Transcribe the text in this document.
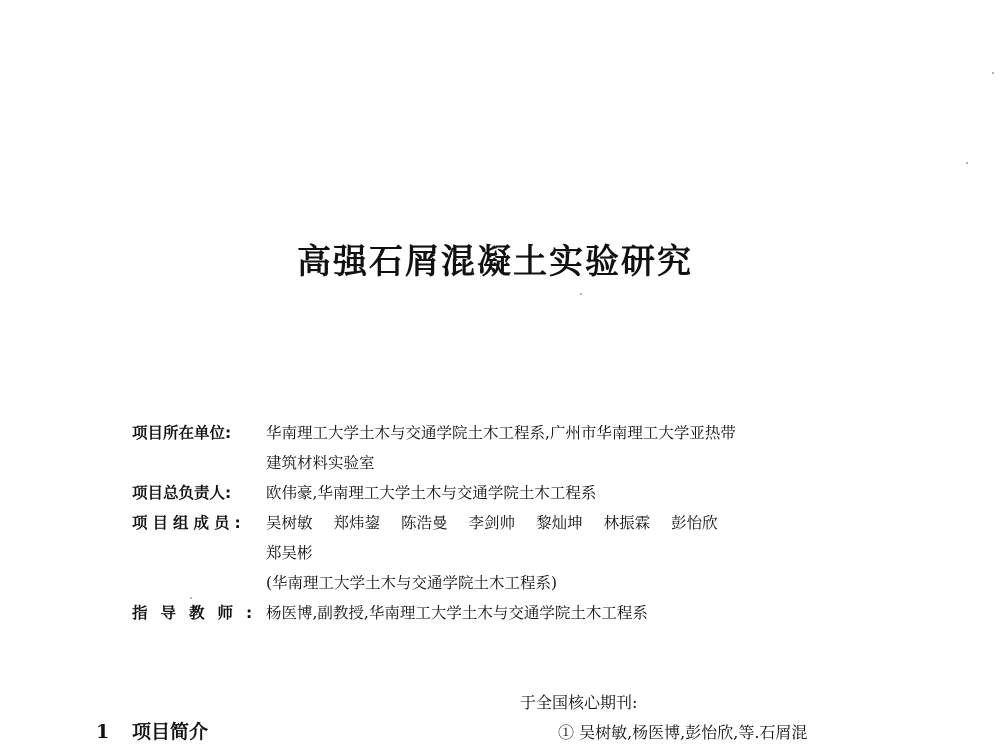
高强石屑混凝土实验研究
项目所在单位:	华南理工大学土木与交通学院土木工程系,广州市华南理工大学亚热带
建筑材料实验室
项目总负责人:	欧伟豪,华南理工大学土木与交通学院土木工程系
项目组成员:	吴树敏 郑炜鋆 陈浩曼 李剑帅 黎灿坤 林振霖 彭怡欣
郑吴彬
(华南理工大学土木与交通学院土木工程系)
指导教师: 杨医博,副教授,华南理工大学土木与交通学院土木工程系
于全国核心期刊:
① 吴树敏,杨医博,彭怡欣,等.石屑混
1 项目简介
